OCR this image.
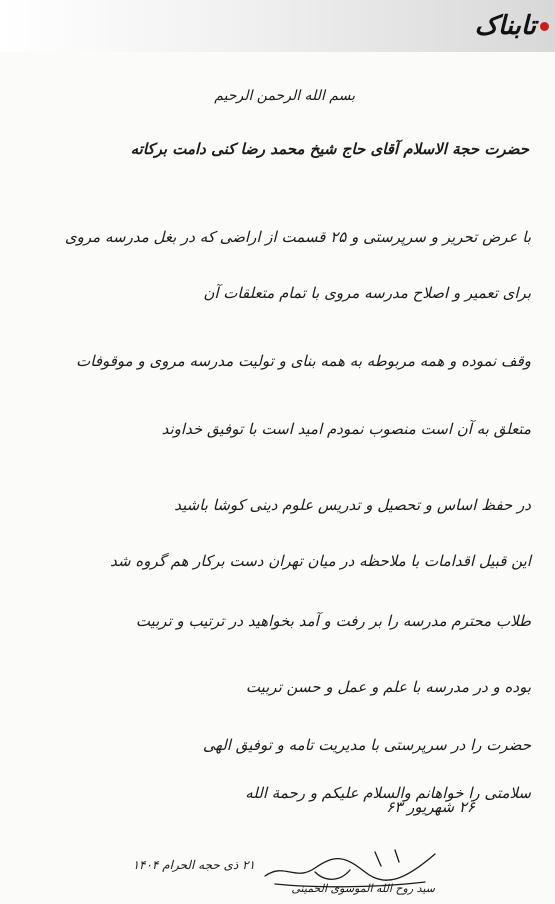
تابناک
بسم الله الرحمن الرحیم
حضرت حجة الاسلام آقای حاج شیخ محمد رضا کنی دامت برکاته
با عرض تحریر و سرپرستی و ۲۵ قسمت از اراضی که در بغل مدرسه مروی
برای تعمیر و اصلاح مدرسه مروی با تمام متعلقات آن
وقف نموده و همه مربوطه به همه بنای و تولیت مدرسه مروی و موقوفات
متعلق به آن است منصوب نمودم امید است با توفیق خداوند
در حفظ اساس و تحصیل و تدریس علوم دینی کوشا باشید
این قبیل اقدامات با ملاحظه در میان تهران دست برکار هم گروه شد
طلاب محترم مدرسه را بر رفت و آمد بخواهید در ترتیب و تربیت
بوده و در مدرسه با علم و عمل و حسن تربیت
حضرت را در سرپرستی با مدیریت تامه و توفیق الهی
سلامتی را خواهانم والسلام علیکم و رحمة الله
۲۶ شهریور ۶۳
۲۱ ذی حجه الحرام ۱۴۰۴
سید روح الله الموسوی الخمینی
